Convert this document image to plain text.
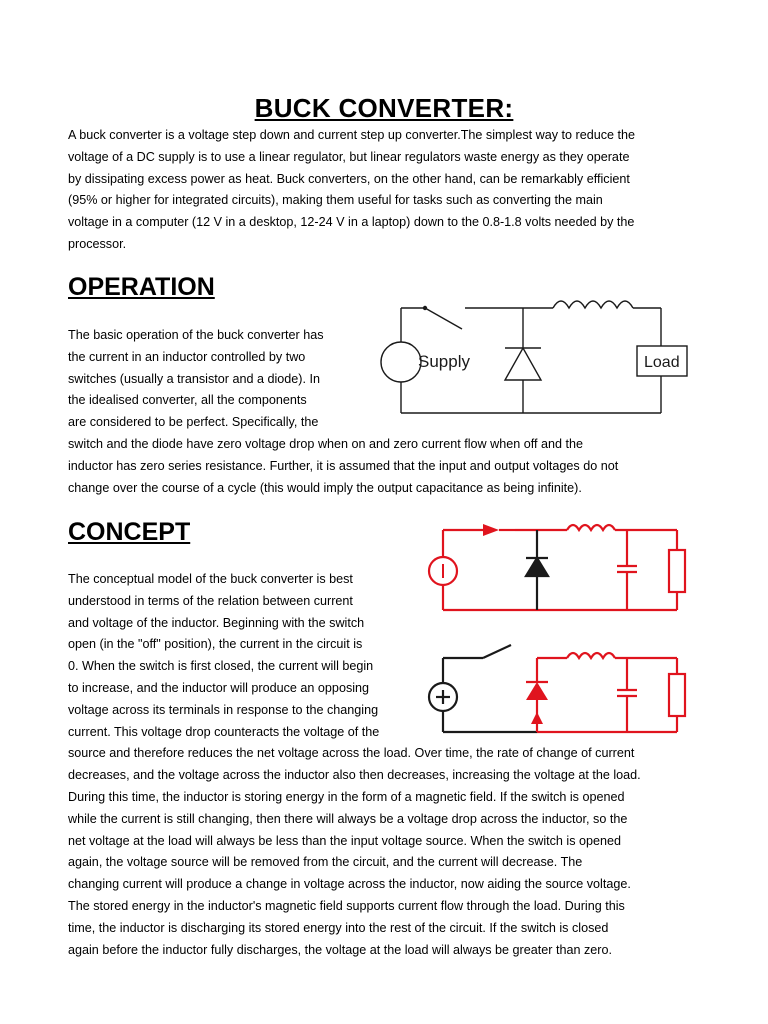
BUCK CONVERTER:
A buck converter is a voltage step down and current step up converter.The simplest way to reduce the
voltage of a DC supply is to use a linear regulator, but linear regulators waste energy as they operate
by dissipating excess power as heat. Buck converters, on the other hand, can be remarkably efficient
(95% or higher for integrated circuits), making them useful for tasks such as converting the main
voltage in a computer (12 V in a desktop, 12-24 V in a laptop) down to the 0.8-1.8 volts needed by the
processor.
OPERATION
The basic operation of the buck converter has
the current in an inductor controlled by two
switches (usually a transistor and a diode). In
the idealised converter, all the components
are considered to be perfect. Specifically, the
switch and the diode have zero voltage drop when on and zero current flow when off and the
inductor has zero series resistance. Further, it is assumed that the input and output voltages do not
change over the course of a cycle (this would imply the output capacitance as being infinite).
Supply	Load
CONCEPT
The conceptual model of the buck converter is best
understood in terms of the relation between current
and voltage of the inductor. Beginning with the switch
open (in the "off" position), the current in the circuit is
0. When the switch is first closed, the current will begin
to increase, and the inductor will produce an opposing
voltage across its terminals in response to the changing
current. This voltage drop counteracts the voltage of the
source and therefore reduces the net voltage across the load. Over time, the rate of change of current
decreases, and the voltage across the inductor also then decreases, increasing the voltage at the load.
During this time, the inductor is storing energy in the form of a magnetic field. If the switch is opened
while the current is still changing, then there will always be a voltage drop across the inductor, so the
net voltage at the load will always be less than the input voltage source. When the switch is opened
again, the voltage source will be removed from the circuit, and the current will decrease. The
changing current will produce a change in voltage across the inductor, now aiding the source voltage.
The stored energy in the inductor's magnetic field supports current flow through the load. During this
time, the inductor is discharging its stored energy into the rest of the circuit. If the switch is closed
again before the inductor fully discharges, the voltage at the load will always be greater than zero.
